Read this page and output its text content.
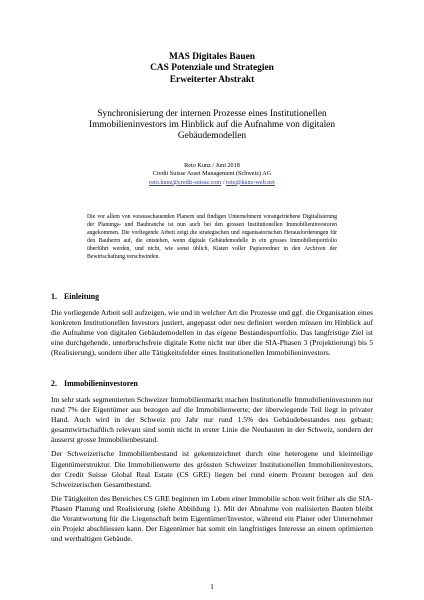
MAS Digitales Bauen
CAS Potenziale und Strategien
Erweiterter Abstrakt
Synchronisierung der internen Prozesse eines Institutionellen Immobilieninvestors im Hinblick auf die Aufnahme von digitalen Gebäudemodellen
Reto Kunz / Juni 2018
Credit Suisse Asset Management (Schweiz) AG
reto.kunz@credit-suisse.com / reto@kunz-web.net
Die vor allem von vorausschauenden Planern und findigen Unternehmern vorangetriebene Digitalisierung der Planungs- und Baubranche ist nun auch bei den grossen Institutionellen Immobilieninvestoren angekommen. Die vorliegende Arbeit zeigt die strategischen und organisatorischen Herausforderungen für den Bauherrn auf, die entstehen, wenn digitale Gebäudemodelle in ein grosses Immobilienportfolio überführt werden, und nicht, wie sonst üblich, Kisten voller Papierordner in den Archiven der Bewirtschaftung verschwinden.
1. Einleitung

Die vorliegende Arbeit soll aufzeigen, wie und in welcher Art die Prozesse und ggf. die Organisation eines konkreten Institutionellen Investors justiert, angepasst oder neu definiert werden müssen im Hinblick auf die Aufnahme von digitalen Gebäudemodellen in das eigene Bestandesportfolio. Das langfristige Ziel ist eine durchgehende, unterbruchsfreie digitale Kette nicht nur über die SIA-Phasen 3 (Projektierung) bis 5 (Realisierung), sondern über alle Tätigkeitsfelder eines Institutionellen Immobilieninvestors.

2. Immobilieninvestoren

Im sehr stark segmentierten Schweizer Immobilienmarkt machen Institutionelle Immobilieninvestoren nur rund 7% der Eigentümer aus bezogen auf die Immobilienwerte; der überwiegende Teil liegt in privater Hand. Auch wird in der Schweiz pro Jahr nur rund 1.5% des Gebäudebestandes neu gebaut; gesamtwirtschaftlich relevant sind somit nicht in erster Linie die Neubauten in der Schweiz, sondern der äusserst grosse Immobilienbestand.

Der Schweizerische Immobilienbestand ist gekennzeichnet durch eine heterogene und kleinteilige Eigentümerstruktur. Die Immobilienwerte des grössten Schweizer Institutionellen Immobilieninvestors, der Credit Suisse Global Real Estate (CS GRE) liegen bei rund einem Prozent bezogen auf den Schweizerischen Gesamtbestand.

Die Tätigkeiten des Bereiches CS GRE beginnen im Leben einer Immobilie schon weit früher als die SIA-Phasen Planung und Realisierung (siehe Abbildung 1). Mit der Abnahme von realisierten Bauten bleibt die Verantwortung für die Liegenschaft beim Eigentümer/Investor, während ein Planer oder Unternehmer ein Projekt abschliessen kann. Der Eigentümer hat somit ein langfristiges Interesse an einem optimierten und werthaltigen Gebäude.

1
